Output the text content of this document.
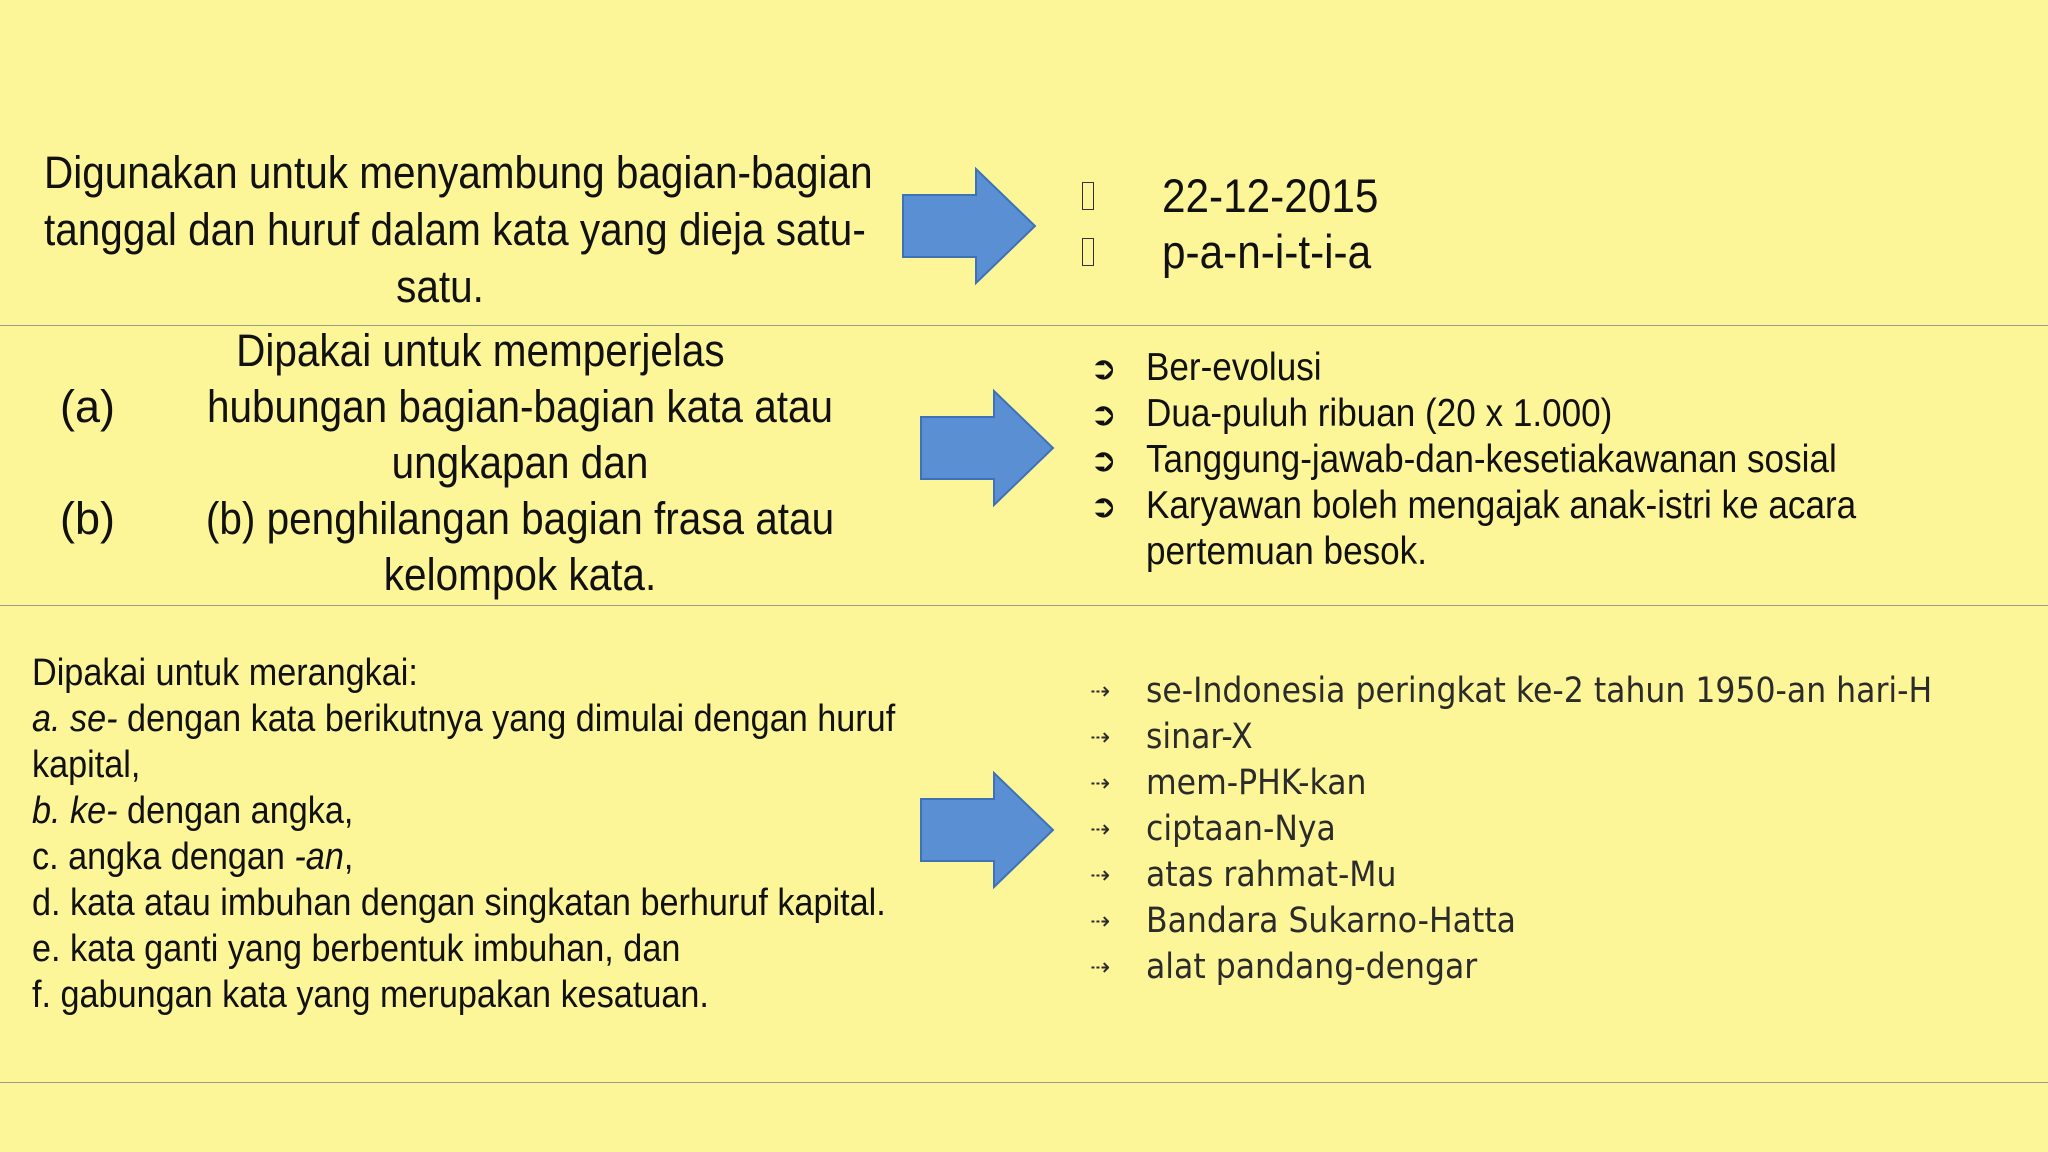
Digunakan untuk menyambung bagian-bagian
tanggal dan huruf dalam kata yang dieja satu-
satu.
22-12-2015
p-a-n-i-t-i-a
Dipakai untuk memperjelas
(a)	hubungan bagian-bagian kata atau
ungkapan dan
(b)	(b) penghilangan bagian frasa atau
kelompok kata.
➲ Ber-evolusi
➲ Dua-puluh ribuan (20 x 1.000)
➲ Tanggung-jawab-dan-kesetiakawanan sosial
➲ Karyawan boleh mengajak anak-istri ke acara
pertemuan besok.
Dipakai untuk merangkai:
a. se- dengan kata berikutnya yang dimulai dengan huruf
kapital,
b. ke- dengan angka,
c. angka dengan -an,
d. kata atau imbuhan dengan singkatan berhuruf kapital.
e. kata ganti yang berbentuk imbuhan, dan
f. gabungan kata yang merupakan kesatuan.
⇢	se-Indonesia peringkat ke-2 tahun 1950-an hari-H
⇢	sinar-X
⇢	mem-PHK-kan
⇢	ciptaan-Nya
⇢	atas rahmat-Mu
⇢	Bandara Sukarno-Hatta
⇢	alat pandang-dengar
